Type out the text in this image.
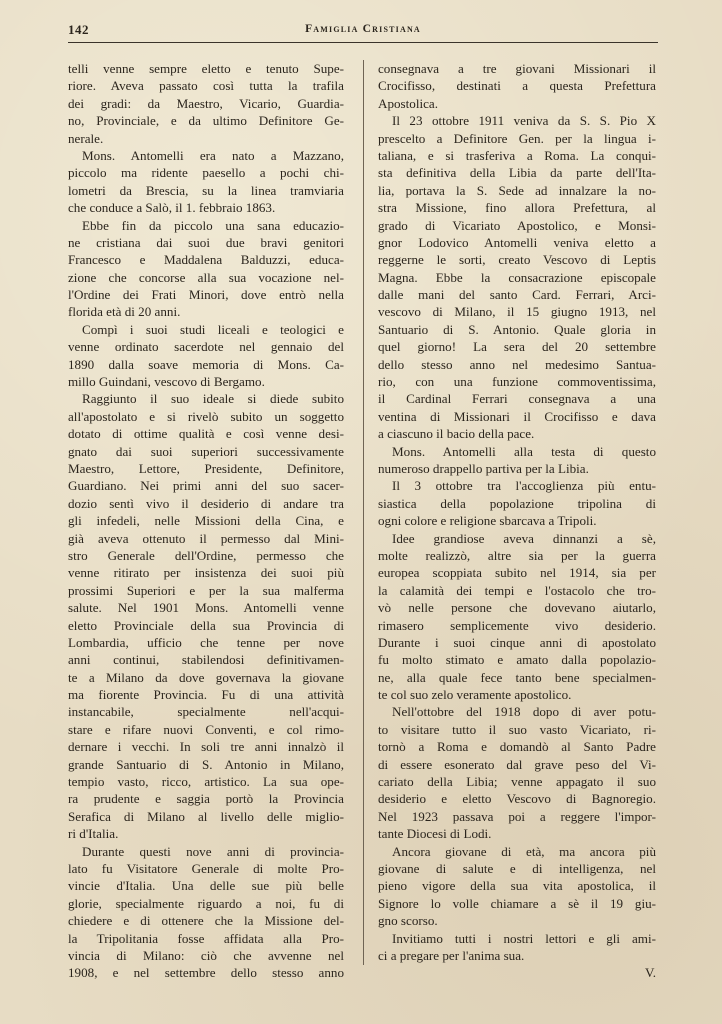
142	Famiglia Cristiana
telli venne sempre eletto e tenuto Supe-
riore. Aveva passato così tutta la trafila
dei gradi: da Maestro, Vicario, Guardia-
no, Provinciale, e da ultimo Definitore Ge-
nerale.
Mons. Antomelli era nato a Mazzano,
piccolo ma ridente paesello a pochi chi-
lometri da Brescia, su la linea tramviaria
che conduce a Salò, il 1. febbraio 1863.
Ebbe fin da piccolo una sana educazio-
ne cristiana dai suoi due bravi genitori
Francesco e Maddalena Balduzzi, educa-
zione che concorse alla sua vocazione nel-
l'Ordine dei Frati Minori, dove entrò nella
florida età di 20 anni.
Compì i suoi studi liceali e teologici e
venne ordinato sacerdote nel gennaio del
1890 dalla soave memoria di Mons. Ca-
millo Guindani, vescovo di Bergamo.
Raggiunto il suo ideale si diede subito
all'apostolato e si rivelò subito un soggetto
dotato di ottime qualità e così venne desi-
gnato dai suoi superiori successivamente
Maestro, Lettore, Presidente, Definitore,
Guardiano. Nei primi anni del suo sacer-
dozio sentì vivo il desiderio di andare tra
gli infedeli, nelle Missioni della Cina, e
già aveva ottenuto il permesso dal Mini-
stro Generale dell'Ordine, permesso che
venne ritirato per insistenza dei suoi più
prossimi Superiori e per la sua malferma
salute. Nel 1901 Mons. Antomelli venne
eletto Provinciale della sua Provincia di
Lombardia, ufficio che tenne per nove
anni continui, stabilendosi definitivamen-
te a Milano da dove governava la giovane
ma fiorente Provincia. Fu di una attività
instancabile, specialmente nell'acqui-
stare e rifare nuovi Conventi, e col rimo-
dernare i vecchi. In soli tre anni innalzò il
grande Santuario di S. Antonio in Milano,
tempio vasto, ricco, artistico. La sua ope-
ra prudente e saggia portò la Provincia
Serafica di Milano al livello delle miglio-
ri d'Italia.
Durante questi nove anni di provincia-
lato fu Visitatore Generale di molte Pro-
vincie d'Italia. Una delle sue più belle
glorie, specialmente riguardo a noi, fu di
chiedere e di ottenere che la Missione del-
la Tripolitania fosse affidata alla Pro-
vincia di Milano: ciò che avvenne nel
1908, e nel settembre dello stesso anno
consegnava a tre giovani Missionari il
Crocifisso, destinati a questa Prefettura
Apostolica.
Il 23 ottobre 1911 veniva da S. S. Pio X
prescelto a Definitore Gen. per la lingua i-
taliana, e si trasferiva a Roma. La conqui-
sta definitiva della Libia da parte dell'Ita-
lia, portava la S. Sede ad innalzare la no-
stra Missione, fino allora Prefettura, al
grado di Vicariato Apostolico, e Monsi-
gnor Lodovico Antomelli veniva eletto a
reggerne le sorti, creato Vescovo di Leptis
Magna. Ebbe la consacrazione episcopale
dalle mani del santo Card. Ferrari, Arci-
vescovo di Milano, il 15 giugno 1913, nel
Santuario di S. Antonio. Quale gloria in
quel giorno! La sera del 20 settembre
dello stesso anno nel medesimo Santua-
rio, con una funzione commoventissima,
il Cardinal Ferrari consegnava a una
ventina di Missionari il Crocifisso e dava
a ciascuno il bacio della pace.
Mons. Antomelli alla testa di questo
numeroso drappello partiva per la Libia.
Il 3 ottobre tra l'accoglienza più entu-
siastica della popolazione tripolina di
ogni colore e religione sbarcava a Tripoli.
Idee grandiose aveva dinnanzi a sè,
molte realizzò, altre sia per la guerra
europea scoppiata subito nel 1914, sia per
la calamità dei tempi e l'ostacolo che tro-
vò nelle persone che dovevano aiutarlo,
rimasero semplicemente vivo desiderio.
Durante i suoi cinque anni di apostolato
fu molto stimato e amato dalla popolazio-
ne, alla quale fece tanto bene specialmen-
te col suo zelo veramente apostolico.
Nell'ottobre del 1918 dopo di aver potu-
to visitare tutto il suo vasto Vicariato, ri-
tornò a Roma e domandò al Santo Padre
di essere esonerato dal grave peso del Vi-
cariato della Libia; venne appagato il suo
desiderio e eletto Vescovo di Bagnoregio.
Nel 1923 passava poi a reggere l'impor-
tante Diocesi di Lodi.
Ancora giovane di età, ma ancora più
giovane di salute e di intelligenza, nel
pieno vigore della sua vita apostolica, il
Signore lo volle chiamare a sè il 19 giu-
gno scorso.
Invitiamo tutti i nostri lettori e gli ami-
ci a pregare per l'anima sua.
V.
